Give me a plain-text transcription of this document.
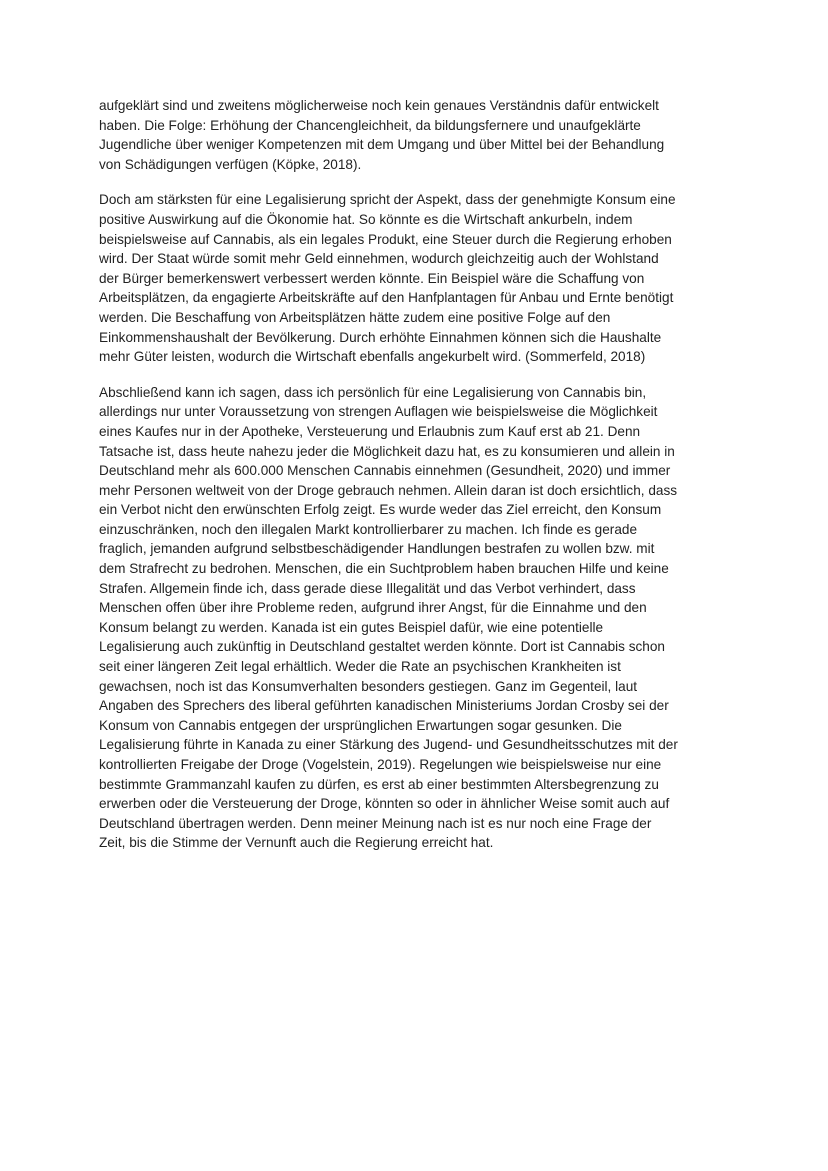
aufgeklärt sind und zweitens möglicherweise noch kein genaues Verständnis dafür entwickelt
haben. Die Folge: Erhöhung der Chancengleichheit, da bildungsfernere und unaufgeklärte
Jugendliche über weniger Kompetenzen mit dem Umgang und über Mittel bei der Behandlung
von Schädigungen verfügen (Köpke, 2018).

Doch am stärksten für eine Legalisierung spricht der Aspekt, dass der genehmigte Konsum eine
positive Auswirkung auf die Ökonomie hat. So könnte es die Wirtschaft ankurbeln, indem
beispielsweise auf Cannabis, als ein legales Produkt, eine Steuer durch die Regierung erhoben
wird. Der Staat würde somit mehr Geld einnehmen, wodurch gleichzeitig auch der Wohlstand
der Bürger bemerkenswert verbessert werden könnte. Ein Beispiel wäre die Schaffung von
Arbeitsplätzen, da engagierte Arbeitskräfte auf den Hanfplantagen für Anbau und Ernte benötigt
werden. Die Beschaffung von Arbeitsplätzen hätte zudem eine positive Folge auf den
Einkommenshaushalt der Bevölkerung. Durch erhöhte Einnahmen können sich die Haushalte
mehr Güter leisten, wodurch die Wirtschaft ebenfalls angekurbelt wird. (Sommerfeld, 2018)

Abschließend kann ich sagen, dass ich persönlich für eine Legalisierung von Cannabis bin,
allerdings nur unter Voraussetzung von strengen Auflagen wie beispielsweise die Möglichkeit
eines Kaufes nur in der Apotheke, Versteuerung und Erlaubnis zum Kauf erst ab 21. Denn
Tatsache ist, dass heute nahezu jeder die Möglichkeit dazu hat, es zu konsumieren und allein in
Deutschland mehr als 600.000 Menschen Cannabis einnehmen (Gesundheit, 2020) und immer
mehr Personen weltweit von der Droge gebrauch nehmen. Allein daran ist doch ersichtlich, dass
ein Verbot nicht den erwünschten Erfolg zeigt. Es wurde weder das Ziel erreicht, den Konsum
einzuschränken, noch den illegalen Markt kontrollierbarer zu machen. Ich finde es gerade
fraglich, jemanden aufgrund selbstbeschädigender Handlungen bestrafen zu wollen bzw. mit
dem Strafrecht zu bedrohen. Menschen, die ein Suchtproblem haben brauchen Hilfe und keine
Strafen. Allgemein finde ich, dass gerade diese Illegalität und das Verbot verhindert, dass
Menschen offen über ihre Probleme reden, aufgrund ihrer Angst, für die Einnahme und den
Konsum belangt zu werden. Kanada ist ein gutes Beispiel dafür, wie eine potentielle
Legalisierung auch zukünftig in Deutschland gestaltet werden könnte. Dort ist Cannabis schon
seit einer längeren Zeit legal erhältlich. Weder die Rate an psychischen Krankheiten ist
gewachsen, noch ist das Konsumverhalten besonders gestiegen. Ganz im Gegenteil, laut
Angaben des Sprechers des liberal geführten kanadischen Ministeriums Jordan Crosby sei der
Konsum von Cannabis entgegen der ursprünglichen Erwartungen sogar gesunken. Die
Legalisierung führte in Kanada zu einer Stärkung des Jugend- und Gesundheitsschutzes mit der
kontrollierten Freigabe der Droge (Vogelstein, 2019). Regelungen wie beispielsweise nur eine
bestimmte Grammanzahl kaufen zu dürfen, es erst ab einer bestimmten Altersbegrenzung zu
erwerben oder die Versteuerung der Droge, könnten so oder in ähnlicher Weise somit auch auf
Deutschland übertragen werden. Denn meiner Meinung nach ist es nur noch eine Frage der
Zeit, bis die Stimme der Vernunft auch die Regierung erreicht hat.
